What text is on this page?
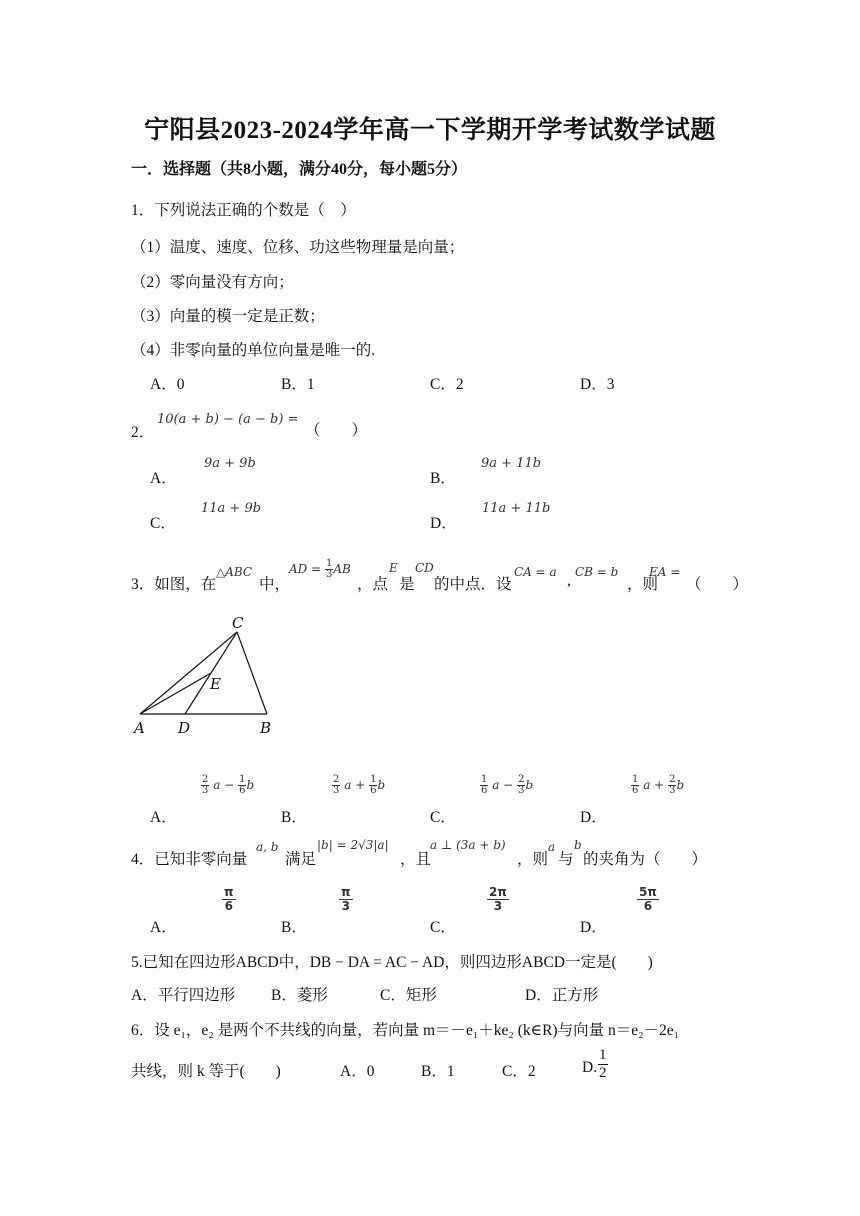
宁阳县2023-2024学年高一下学期开学考试数学试题
一．选择题（共8小题，满分40分，每小题5分）
1．下列说法正确的个数是（　）
（1）温度、速度、位移、功这些物理量是向量；
（2）零向量没有方向；
（3）向量的模一定是正数；
（4）非零向量的单位向量是唯一的.
A．0	B．1	C．2	D．3
2．
10(a + b) − (a − b) =
（　　）
A．
9a + 9b
B．
9a + 11b
C．
11a + 9b
D．
11a + 11b
3．如图，在
△ABC
中，
AD = $\frac{1}{3}$ AB
，点
E
是
CD
的中点．设
CA = a , CB = b
，则
EA =
（　　）
A D	B
C
E
A．
$\frac{2}{3}$ $a - \frac{1}{6}$ b
B．
$\frac{2}{3}$ $a + \frac{1}{6}$ b
C．
$\frac{1}{6}$ $a - \frac{2}{3}$ b
D．
$\frac{1}{6}$ $a + \frac{2}{3}$ b
4．已知非零向量
a, b
满足
|b| = 2√3|a|
，且
a ⊥ (3a + b)
，则
a
与
b
的夹角为（　　）
A．
π
6
B．
π
3
C．
2π
3
D．
5π
6
5.已知在四边形ABCD中，DB − DA = AC − AD，则四边形ABCD一定是(　　)
A．平行四边形 B．菱形	C．矩形	D．正方形
6．设 e₁，e₂ 是两个不共线的向量，若向量 m＝－e₁＋ke₂ (k∈R)与向量 n＝e₂－2e₁
共线，则 k 等于(　　)	A．0	B．1	C．2	D. $\frac{1}{2}$
